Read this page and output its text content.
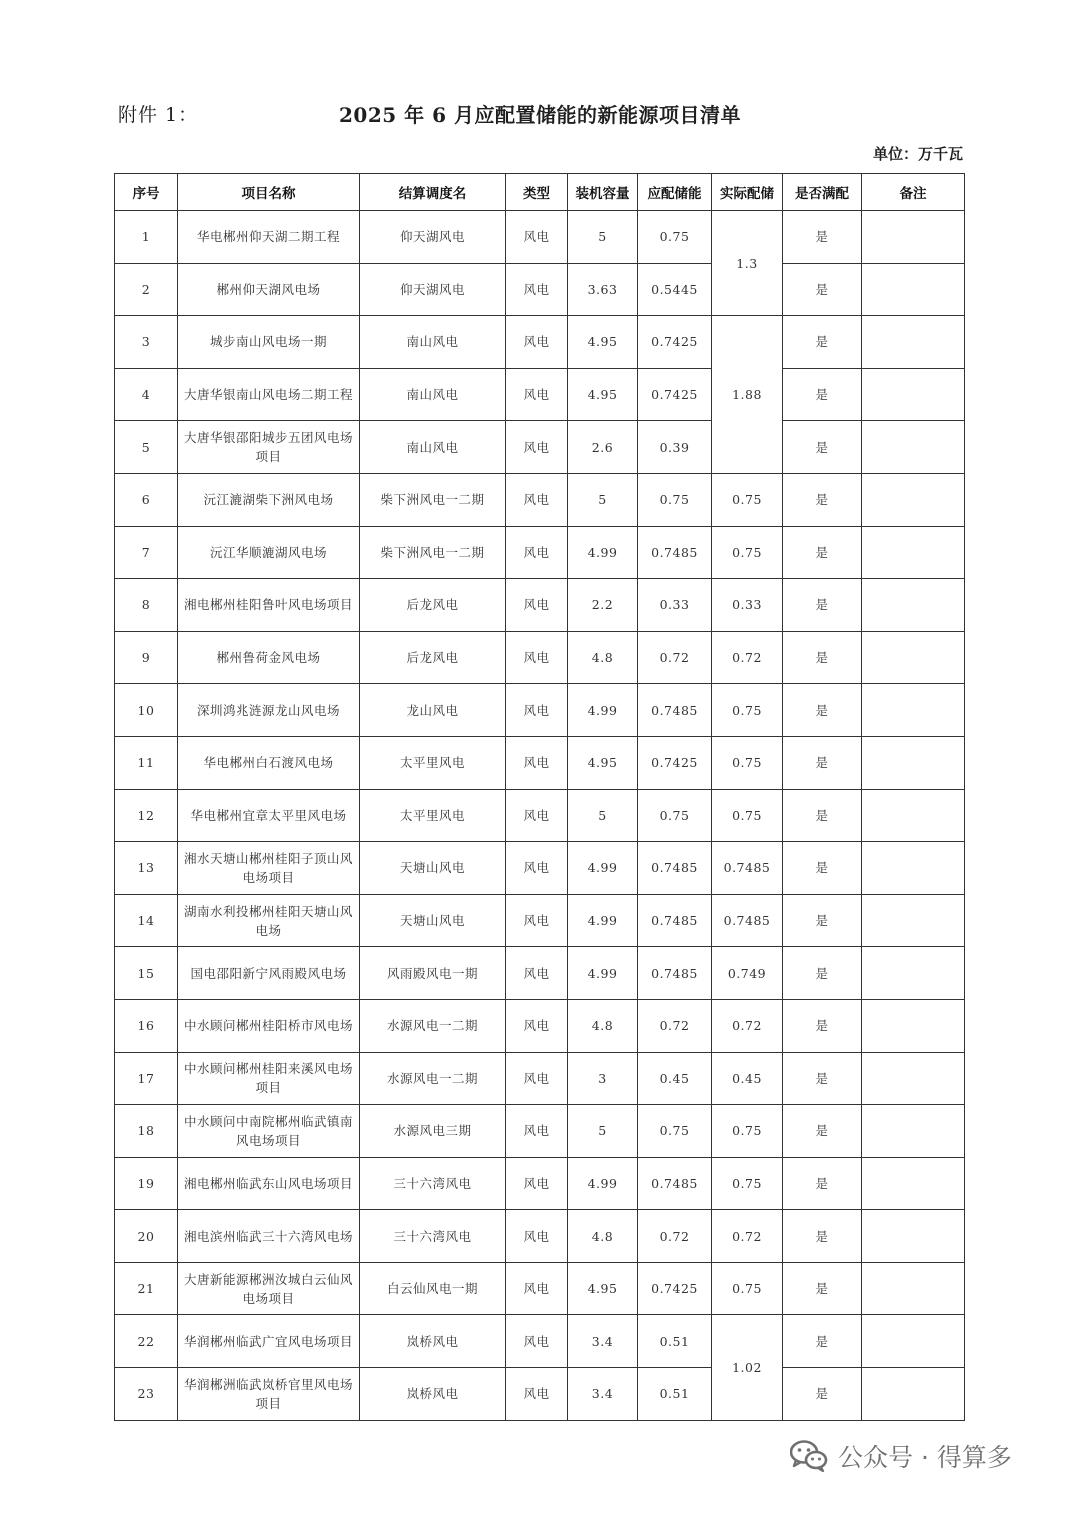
附件 1：	2025 年 6 月应配置储能的新能源项目清单
单位：万千瓦
序号	项目名称	结算调度名	类型	装机容量	应配储能	实际配储	是否满配	备注
1	华电郴州仰天湖二期工程	仰天湖风电	风电	5	0.75	1.3	是	
2	郴州仰天湖风电场	仰天湖风电	风电	3.63	0.5445		是	
3	城步南山风电场一期	南山风电	风电	4.95	0.7425	1.88	是	
4	大唐华银南山风电场二期工程	南山风电	风电	4.95	0.7425		是	
5	大唐华银邵阳城步五团风电场项目	南山风电	风电	2.6	0.39		是	
6	沅江漉湖柴下洲风电场	柴下洲风电一二期	风电	5	0.75	0.75	是	
7	沅江华顺漉湖风电场	柴下洲风电一二期	风电	4.99	0.7485	0.75	是	
8	湘电郴州桂阳鲁叶风电场项目	后龙风电	风电	2.2	0.33	0.33	是	
9	郴州鲁荷金风电场	后龙风电	风电	4.8	0.72	0.72	是	
10	深圳鸿兆涟源龙山风电场	龙山风电	风电	4.99	0.7485	0.75	是	
11	华电郴州白石渡风电场	太平里风电	风电	4.95	0.7425	0.75	是	
12	华电郴州宜章太平里风电场	太平里风电	风电	5	0.75	0.75	是	
13	湘水天塘山郴州桂阳子顶山风电场项目	天塘山风电	风电	4.99	0.7485	0.7485	是	
14	湖南水利投郴州桂阳天塘山风电场	天塘山风电	风电	4.99	0.7485	0.7485	是	
15	国电邵阳新宁风雨殿风电场	风雨殿风电一期	风电	4.99	0.7485	0.749	是	
16	中水顾问郴州桂阳桥市风电场	水源风电一二期	风电	4.8	0.72	0.72	是	
17	中水顾问郴州桂阳来溪风电场项目	水源风电一二期	风电	3	0.45	0.45	是	
18	中水顾问中南院郴州临武镇南风电场项目	水源风电三期	风电	5	0.75	0.75	是	
19	湘电郴州临武东山风电场项目	三十六湾风电	风电	4.99	0.7485	0.75	是	
20	湘电滨州临武三十六湾风电场	三十六湾风电	风电	4.8	0.72	0.72	是	
21	大唐新能源郴洲汝城白云仙风电场项目	白云仙风电一期	风电	4.95	0.7425	0.75	是	
22	华润郴州临武广宜风电场项目	岚桥风电	风电	3.4	0.51	1.02	是	
23	华润郴洲临武岚桥官里风电场项目	岚桥风电	风电	3.4	0.51		是	
公众号 · 得算多
